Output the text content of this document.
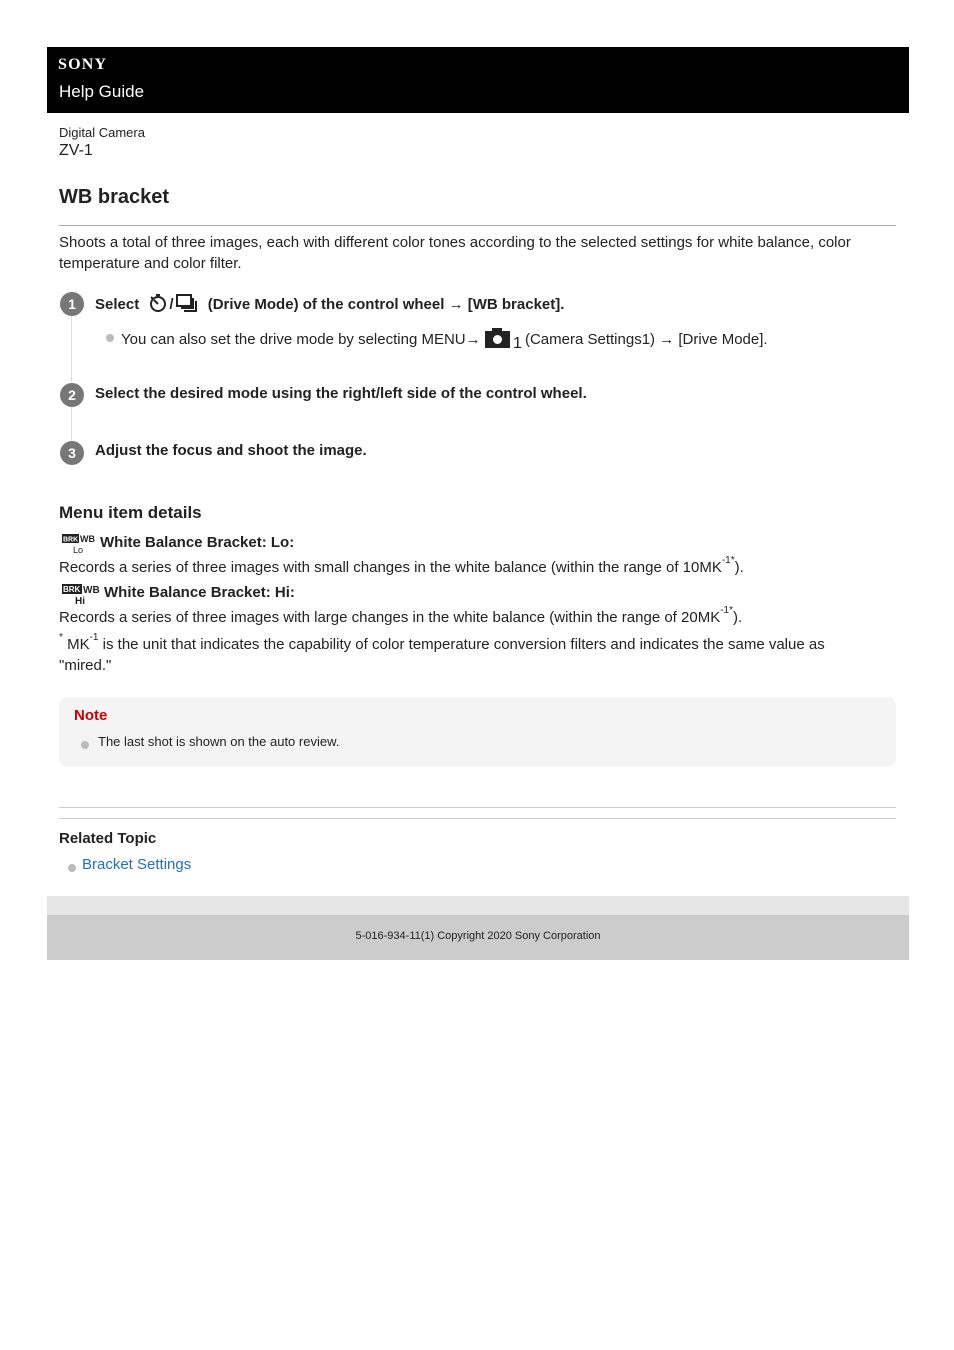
SONY
Help Guide
Digital Camera
ZV-1
WB bracket
Shoots a total of three images, each with different color tones according to the selected settings for white balance, color temperature and color filter.
1	Select / (Drive Mode) of the control wheel → [WB bracket].
You can also set the drive mode by selecting MENU→ 1 (Camera Settings1) → [Drive Mode].
2	Select the desired mode using the right/left side of the control wheel.
3	Adjust the focus and shoot the image.
Menu item details
BRK WB
Lo White Balance Bracket: Lo:
Records a series of three images with small changes in the white balance (within the range of $10MK^{-1*}$).
BRK WB
Hi
White Balance Bracket: Hi:
Records a series of three images with large changes in the white balance (within the range of $20MK^{-1*}$).
* $MK^{-1}$ is the unit that indicates the capability of color temperature conversion filters and indicates the same value as
"mired."
Note
The last shot is shown on the auto review.
Related Topic
Bracket Settings
5-016-934-11(1) Copyright 2020 Sony Corporation
